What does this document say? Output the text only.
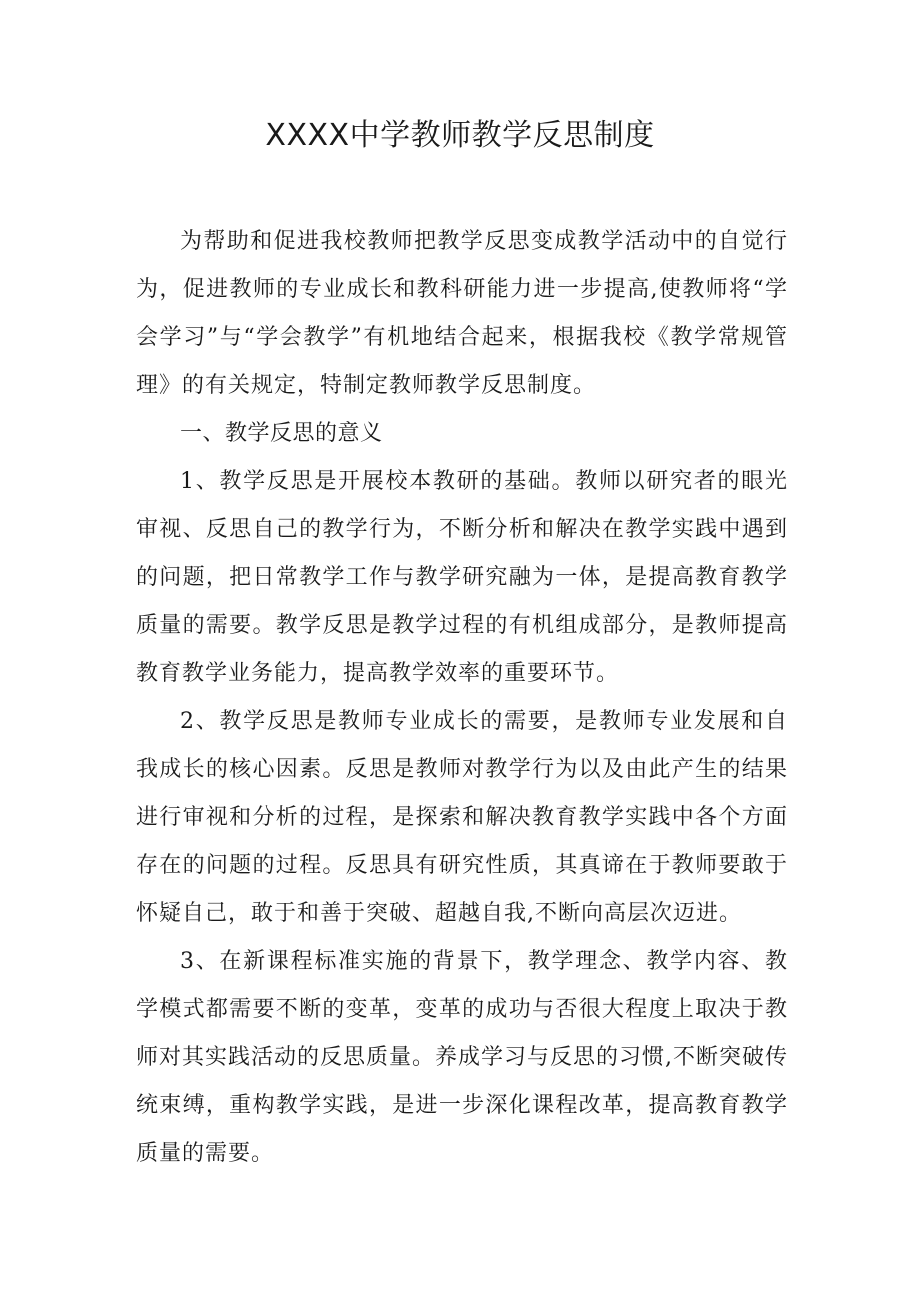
XXXX中学教师教学反思制度

为帮助和促进我校教师把教学反思变成教学活动中的自觉行为，促进教师的专业成长和教科研能力进一步提高,使教师将“学会学习”与“学会教学”有机地结合起来，根据我校《教学常规管理》的有关规定，特制定教师教学反思制度。

一、教学反思的意义

1、教学反思是开展校本教研的基础。教师以研究者的眼光审视、反思自己的教学行为，不断分析和解决在教学实践中遇到的问题，把日常教学工作与教学研究融为一体，是提高教育教学质量的需要。教学反思是教学过程的有机组成部分，是教师提高教育教学业务能力，提高教学效率的重要环节。

2、教学反思是教师专业成长的需要，是教师专业发展和自我成长的核心因素。反思是教师对教学行为以及由此产生的结果进行审视和分析的过程，是探索和解决教育教学实践中各个方面存在的问题的过程。反思具有研究性质，其真谛在于教师要敢于怀疑自己，敢于和善于突破、超越自我,不断向高层次迈进。

3、在新课程标准实施的背景下，教学理念、教学内容、教学模式都需要不断的变革，变革的成功与否很大程度上取决于教师对其实践活动的反思质量。养成学习与反思的习惯,不断突破传统束缚，重构教学实践，是进一步深化课程改革，提高教育教学质量的需要。
